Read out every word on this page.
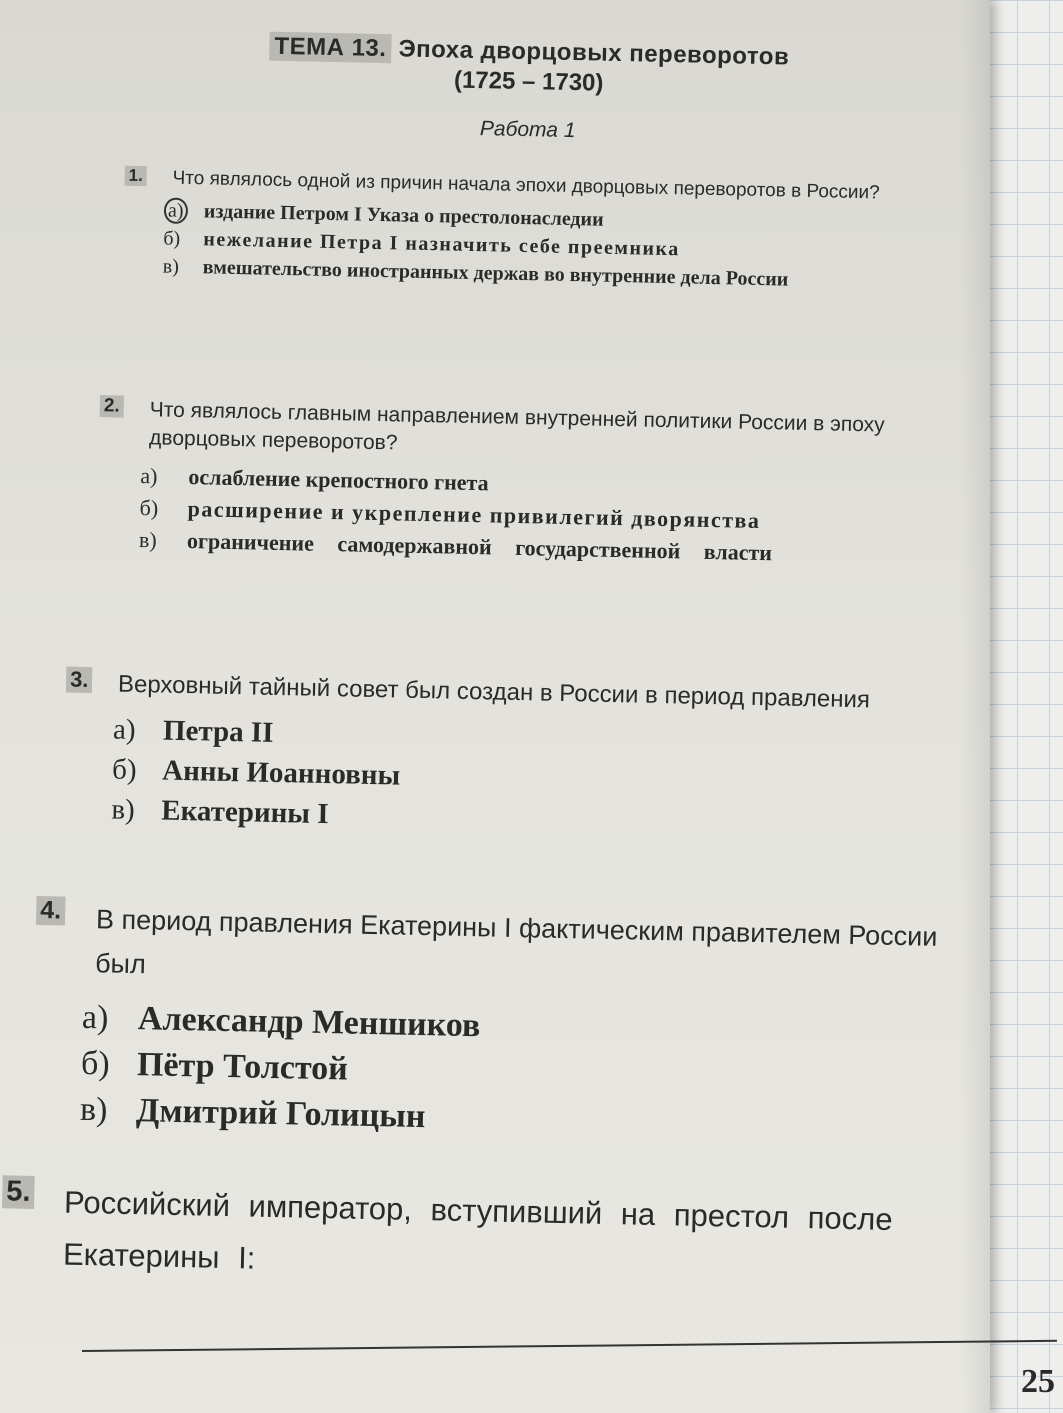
ТЕМА 13. Эпоха дворцовых переворотов
(1725 – 1730)
Работа 1
1. Что являлось одной из причин начала эпохи дворцовых переворотов в России?
а) издание Петром I Указа о престолонаследии
б)	нежелание Петра I назначить себе преемника
в)	вмешательство иностранных держав во внутренние дела России
2. Что являлось главным направлением внутренней политики России в эпоху дворцовых переворотов?
а)	ослабление крепостного гнета
б)	расширение и укрепление привилегий дворянства
в)	ограничение самодержавной государственной власти
3. Верховный тайный совет был создан в России в период правления
а) Петра II
б) Анны Иоанновны
в) Екатерины I
4. В период правления Екатерины I фактическим правителем России был
а) Александр Меншиков
б) Пётр Толстой
в) Дмитрий Голицын
5. Российский император, вступивший на престол после Екатерины I:
25
